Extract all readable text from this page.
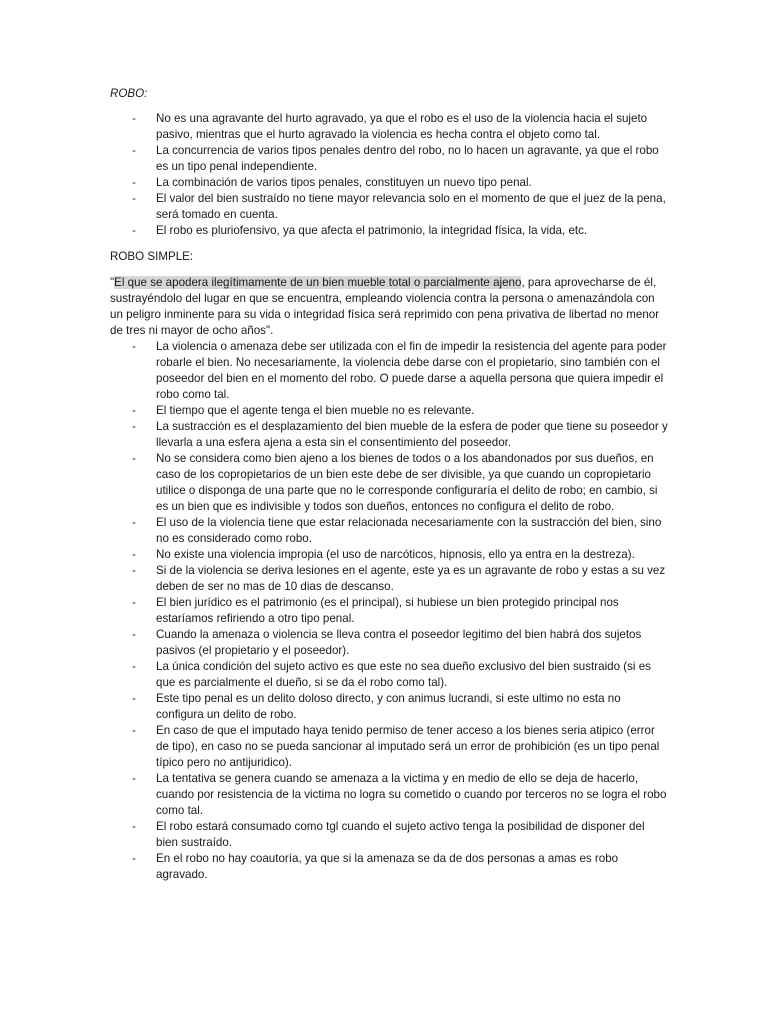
ROBO:

- No es una agravante del hurto agravado, ya que el robo es el uso de la violencia hacia el sujeto pasivo, mientras que el hurto agravado la violencia es hecha contra el objeto como tal.
- La concurrencia de varios tipos penales dentro del robo, no lo hacen un agravante, ya que el robo es un tipo penal independiente.
- La combinación de varios tipos penales, constituyen un nuevo tipo penal.
- El valor del bien sustraído no tiene mayor relevancia solo en el momento de que el juez de la pena, será tomado en cuenta.
- El robo es pluriofensivo, ya que afecta el patrimonio, la integridad física, la vida, etc.

ROBO SIMPLE:

"El que se apodera ilegítimamente de un bien mueble total o parcialmente ajeno, para aprovecharse de él, sustrayéndolo del lugar en que se encuentra, empleando violencia contra la persona o amenazándola con un peligro inminente para su vida o integridad física será reprimido con pena privativa de libertad no menor de tres ni mayor de ocho años".

- La violencia o amenaza debe ser utilizada con el fin de impedir la resistencia del agente para poder robarle el bien. No necesariamente, la violencia debe darse con el propietario, sino también con el poseedor del bien en el momento del robo. O puede darse a aquella persona que quiera impedir el robo como tal.
- El tiempo que el agente tenga el bien mueble no es relevante.
- La sustracción es el desplazamiento del bien mueble de la esfera de poder que tiene su poseedor y llevarla a una esfera ajena a esta sin el consentimiento del poseedor.
- No se considera como bien ajeno a los bienes de todos o a los abandonados por sus dueños, en caso de los copropietarios de un bien este debe de ser divisible, ya que cuando un copropietario utilice o disponga de una parte que no le corresponde configuraría el delito de robo; en cambio, si es un bien que es indivisible y todos son dueños, entonces no configura el delito de robo.
- El uso de la violencia tiene que estar relacionada necesariamente con la sustracción del bien, sino no es considerado como robo.
- No existe una violencia impropia (el uso de narcóticos, hipnosis, ello ya entra en la destreza).
- Si de la violencia se deriva lesiones en el agente, este ya es un agravante de robo y estas a su vez deben de ser no mas de 10 dias de descanso.
- El bien jurídico es el patrimonio (es el principal), si hubiese un bien protegido principal nos estaríamos refiriendo a otro tipo penal.
- Cuando la amenaza o violencia se lleva contra el poseedor legitimo del bien habrá dos sujetos pasivos (el propietario y el poseedor).
- La única condición del sujeto activo es que este no sea dueño exclusivo del bien sustraido (si es que es parcialmente el dueño, si se da el robo como tal).
- Este tipo penal es un delito doloso directo, y con animus lucrandi, si este ultimo no esta no configura un delito de robo.
- En caso de que el imputado haya tenido permiso de tener acceso a los bienes seria atipico (error de tipo), en caso no se pueda sancionar al imputado será un error de prohibición (es un tipo penal típico pero no antijuridico).
- La tentativa se genera cuando se amenaza a la victima y en medio de ello se deja de hacerlo, cuando por resistencia de la victima no logra su cometido o cuando por terceros no se logra el robo como tal.
- El robo estará consumado como tgl cuando el sujeto activo tenga la posibilidad de disponer del bien sustraído.
- En el robo no hay coautoría, ya que si la amenaza se da de dos personas a amas es robo agravado.
